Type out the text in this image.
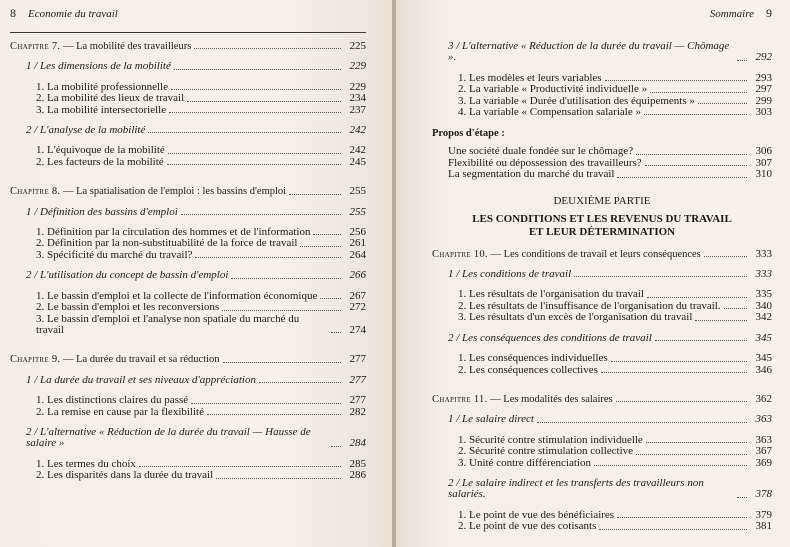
8 Economie du travail
Chapitre 7. — La mobilité des travailleurs	225
1 / Les dimensions de la mobilité	229
1. La mobilité professionnelle	229
2. La mobilité des lieux de travail	234
3. La mobilité intersectorielle	237
2 / L'analyse de la mobilité	242
1. L'équivoque de la mobilité	242
2. Les facteurs de la mobilité	245
Chapitre 8. — La spatialisation de l'emploi : les bassins d'emploi	255
1 / Définition des bassins d'emploi	255
1. Définition par la circulation des hommes et de l'information	256
2. Définition par la non-substituabilité de la force de travail	261
3. Spécificité du marché du travail?	264
2 / L'utilisation du concept de bassin d'emploi	266
1. Le bassin d'emploi et la collecte de l'information économique	267
2. Le bassin d'emploi et les reconversions	272
3. Le bassin d'emploi et l'analyse non spatiale du marché du travail	274
Chapitre 9. — La durée du travail et sa réduction	277
1 / La durée du travail et ses niveaux d'appréciation	277
1. Les distinctions claires du passé	277
2. La remise en cause par la flexibilité	282
2 / L'alternative « Réduction de la durée du travail — Hausse de salaire »	284
1. Les termes du choix	285
2. Les disparités dans la durée du travail	286
Sommaire 9
3 / L'alternative « Réduction de la durée du travail — Chômage ».	292
1. Les modèles et leurs variables	293
2. La variable « Productivité individuelle »	297
3. La variable « Durée d'utilisation des équipements »	299
4. La variable « Compensation salariale »	303
Propos d'étape :
Une société duale fondée sur le chômage?	306
Flexibilité ou dépossession des travailleurs?	307
La segmentation du marché du travail	310
DEUXIÈME PARTIE
LES CONDITIONS ET LES REVENUS DU TRAVAIL
ET LEUR DÉTERMINATION
Chapitre 10. — Les conditions de travail et leurs conséquences	333
1 / Les conditions de travail	333
1. Les résultats de l'organisation du travail	335
2. Les résultats de l'insuffisance de l'organisation du travail.	340
3. Les résultats d'un excès de l'organisation du travail	342
2 / Les conséquences des conditions de travail	345
1. Les conséquences individuelles	345
2. Les conséquences collectives	346
Chapitre 11. — Les modalités des salaires	362
1 / Le salaire direct	363
1. Sécurité contre stimulation individuelle	363
2. Sécurité contre stimulation collective	367
3. Unité contre différenciation	369
2 / Le salaire indirect et les transferts des travailleurs non salariés.	378
1. Le point de vue des bénéficiaires	379
2. Le point de vue des cotisants	381
